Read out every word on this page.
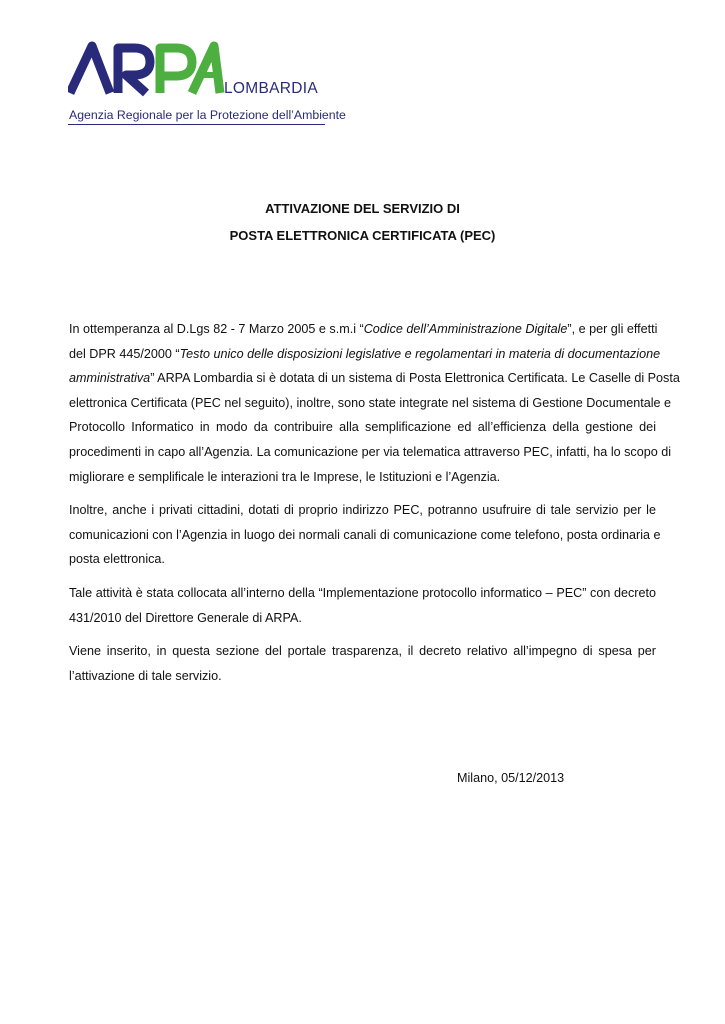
LOMBARDIA
Agenzia Regionale per la Protezione dell’Ambiente
ATTIVAZIONE DEL SERVIZIO DI
POSTA ELETTRONICA CERTIFICATA (PEC)
In ottemperanza al D.Lgs 82 - 7 Marzo 2005 e s.m.i “Codice dell’Amministrazione Digitale”, e per gli effetti
del DPR 445/2000 “Testo unico delle disposizioni legislative e regolamentari in materia di documentazione
amministrativa” ARPA Lombardia si è dotata di un sistema di Posta Elettronica Certificata. Le Caselle di Posta
elettronica Certificata (PEC nel seguito), inoltre, sono state integrate nel sistema di Gestione Documentale e
Protocollo Informatico in modo da contribuire alla semplificazione ed all’efficienza della gestione dei
procedimenti in capo all’Agenzia. La comunicazione per via telematica attraverso PEC, infatti, ha lo scopo di
migliorare e semplificale le interazioni tra le Imprese, le Istituzioni e l’Agenzia.
Inoltre, anche i privati cittadini, dotati di proprio indirizzo PEC, potranno usufruire di tale servizio per le
comunicazioni con l’Agenzia in luogo dei normali canali di comunicazione come telefono, posta ordinaria e
posta elettronica.
Tale attività è stata collocata all’interno della “Implementazione protocollo informatico – PEC” con decreto
431/2010 del Direttore Generale di ARPA.
Viene inserito, in questa sezione del portale trasparenza, il decreto relativo all’impegno di spesa per
l’attivazione di tale servizio.
Milano, 05/12/2013
